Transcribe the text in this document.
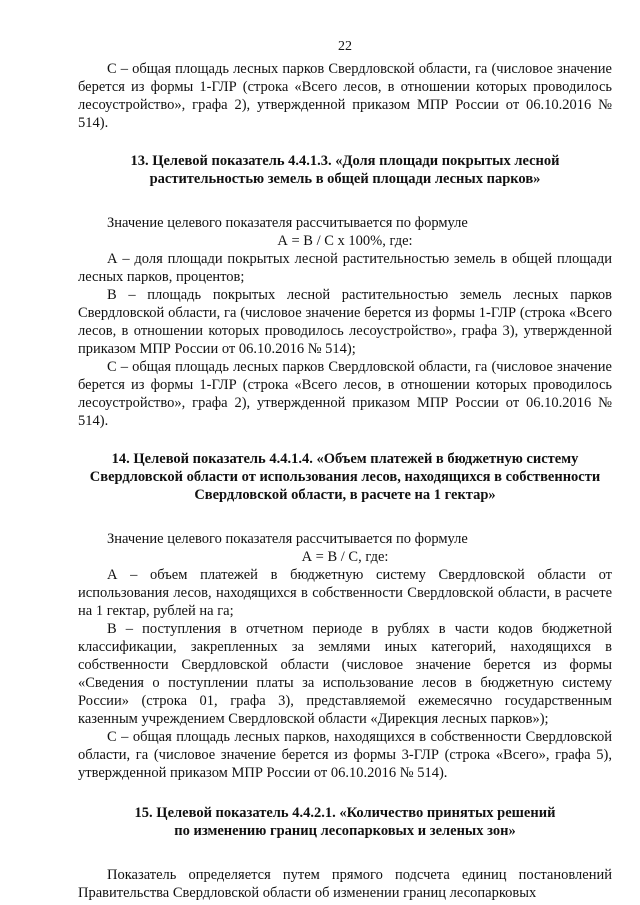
22

С – общая площадь лесных парков Свердловской области, га (числовое значение берется из формы 1-ГЛР (строка «Всего лесов, в отношении которых проводилось лесоустройство», графа 2), утвержденной приказом МПР России от 06.10.2016 № 514).

13. Целевой показатель 4.4.1.3. «Доля площади покрытых лесной
растительностью земель в общей площади лесных парков»

Значение целевого показателя рассчитывается по формуле

А = В / С х 100%, где:

А – доля площади покрытых лесной растительностью земель в общей площади лесных парков, процентов;

В – площадь покрытых лесной растительностью земель лесных парков Свердловской области, га (числовое значение берется из формы 1-ГЛР (строка «Всего лесов, в отношении которых проводилось лесоустройство», графа 3), утвержденной приказом МПР России от 06.10.2016 № 514);

С – общая площадь лесных парков Свердловской области, га (числовое значение берется из формы 1-ГЛР (строка «Всего лесов, в отношении которых проводилось лесоустройство», графа 2), утвержденной приказом МПР России от 06.10.2016 № 514).

14. Целевой показатель 4.4.1.4. «Объем платежей в бюджетную систему
Свердловской области от использования лесов, находящихся в собственности
Свердловской области, в расчете на 1 гектар»

Значение целевого показателя рассчитывается по формуле

А = В / С, где:

А – объем платежей в бюджетную систему Свердловской области от использования лесов, находящихся в собственности Свердловской области, в расчете на 1 гектар, рублей на га;

В – поступления в отчетном периоде в рублях в части кодов бюджетной классификации, закрепленных за землями иных категорий, находящихся в собственности Свердловской области (числовое значение берется из формы «Сведения о поступлении платы за использование лесов в бюджетную систему России» (строка 01, графа 3), представляемой ежемесячно государственным казенным учреждением Свердловской области «Дирекция лесных парков»);

С – общая площадь лесных парков, находящихся в собственности Свердловской области, га (числовое значение берется из формы 3-ГЛР (строка «Всего», графа 5), утвержденной приказом МПР России от 06.10.2016 № 514).

15. Целевой показатель 4.4.2.1. «Количество принятых решений
по изменению границ лесопарковых и зеленых зон»

Показатель определяется путем прямого подсчета единиц постановлений Правительства Свердловской области об изменении границ лесопарковых
